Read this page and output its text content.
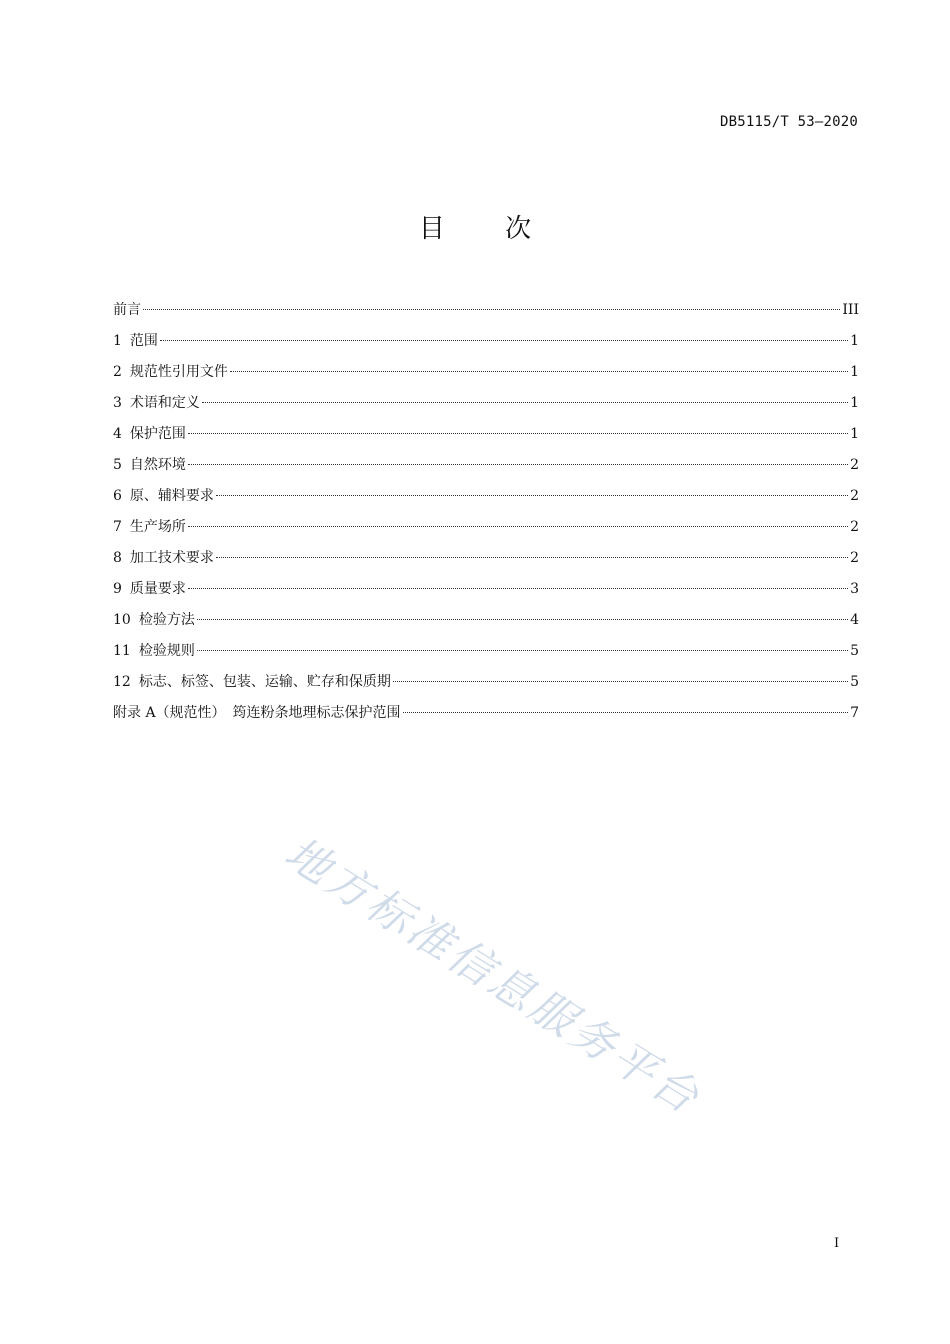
DB5115/T 53—2020
目 次
前言	III
1 范围	1
2 规范性引用文件	1
3 术语和定义	1
4 保护范围	1
5 自然环境	2
6 原、辅料要求	2
7 生产场所	2
8 加工技术要求	2
9 质量要求	3
10 检验方法	4
11 检验规则	5
12 标志、标签、包装、运输、贮存和保质期	5
附录 A（规范性）　筠连粉条地理标志保护范围	7
地方标准信息服务平台
I
